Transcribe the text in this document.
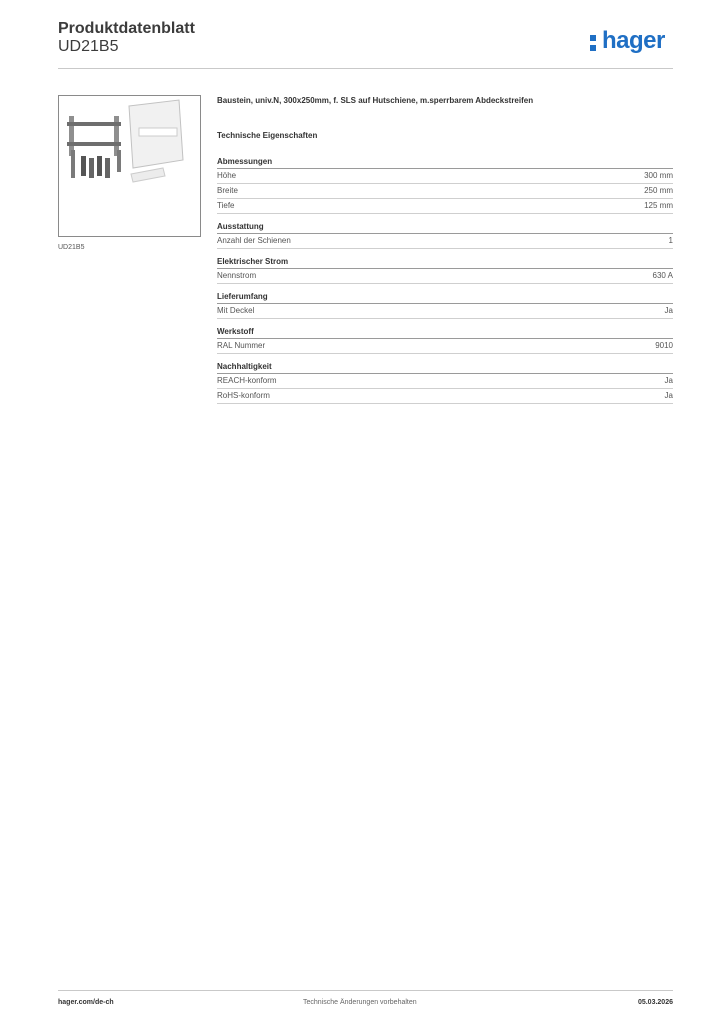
Produktdatenblatt
UD21B5	hager
UD21B5
Baustein, univ.N, 300x250mm, f. SLS auf Hutschiene, m.sperrbarem Abdeckstreifen
Technische Eigenschaften
Abmessungen
Höhe	300 mm
Breite	250 mm
Tiefe	125 mm
Ausstattung
Anzahl der Schienen	1
Elektrischer Strom
Nennstrom	630 A
Lieferumfang
Mit Deckel	Ja
Werkstoff
RAL Nummer	9010
Nachhaltigkeit
REACH-konform	Ja
RoHS-konform	Ja
hager.com/de-ch	Technische Änderungen vorbehalten	05.03.2026
